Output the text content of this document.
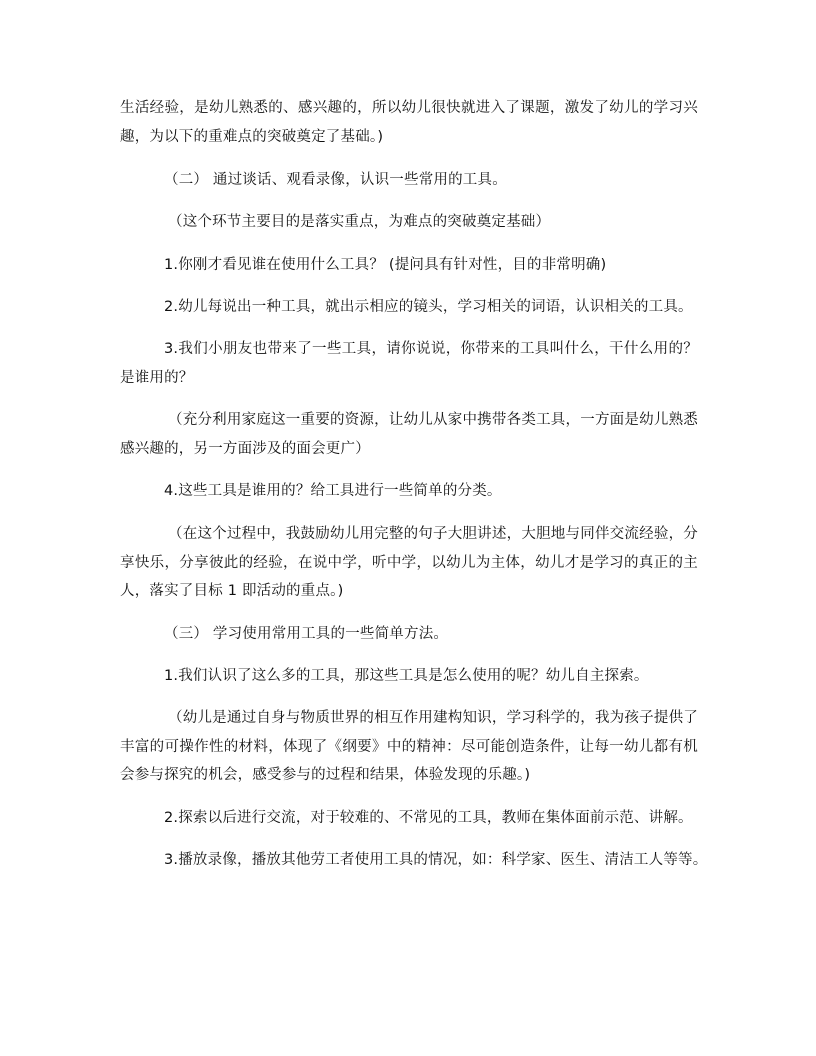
生活经验，是幼儿熟悉的、感兴趣的，所以幼儿很快就进入了课题，激发了幼儿的学习兴趣，为以下的重难点的突破奠定了基础。)

（二） 通过谈话、观看录像，认识一些常用的工具。

（这个环节主要目的是落实重点，为难点的突破奠定基础）

1.你刚才看见谁在使用什么工具？ (提问具有针对性，目的非常明确)

2.幼儿每说出一种工具，就出示相应的镜头，学习相关的词语，认识相关的工具。

3.我们小朋友也带来了一些工具，请你说说，你带来的工具叫什么，干什么用的？是谁用的？

（充分利用家庭这一重要的资源，让幼儿从家中携带各类工具，一方面是幼儿熟悉感兴趣的，另一方面涉及的面会更广）

4.这些工具是谁用的？给工具进行一些简单的分类。

（在这个过程中，我鼓励幼儿用完整的句子大胆讲述，大胆地与同伴交流经验，分享快乐，分享彼此的经验，在说中学，听中学，以幼儿为主体，幼儿才是学习的真正的主人，落实了目标 1 即活动的重点。)

（三） 学习使用常用工具的一些简单方法。

1.我们认识了这么多的工具，那这些工具是怎么使用的呢？幼儿自主探索。

（幼儿是通过自身与物质世界的相互作用建构知识，学习科学的，我为孩子提供了丰富的可操作性的材料，体现了《纲要》中的精神：尽可能创造条件，让每一幼儿都有机会参与探究的机会，感受参与的过程和结果，体验发现的乐趣。)

2.探索以后进行交流，对于较难的、不常见的工具，教师在集体面前示范、讲解。

3.播放录像，播放其他劳工者使用工具的情况，如：科学家、医生、清洁工人等等。
